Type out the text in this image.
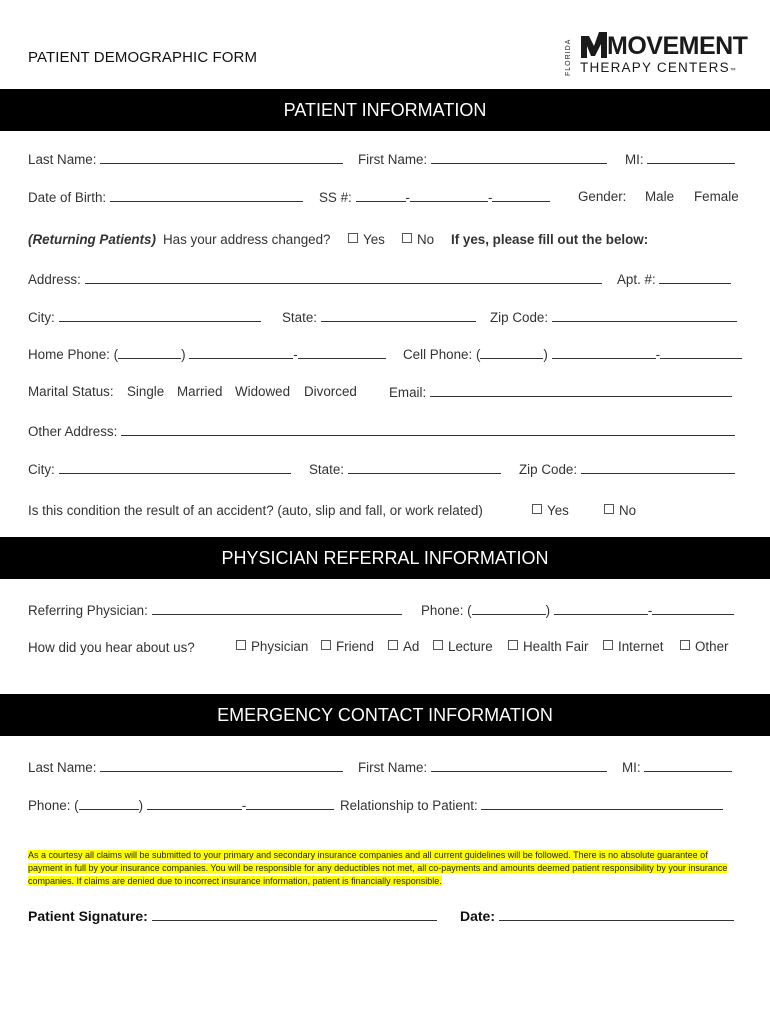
PATIENT DEMOGRAPHIC FORM	FLORIDA MOVEMENT
THERAPY CENTERS™
PATIENT INFORMATION
Last Name:	First Name:	MI:
Date of Birth:	SS #:	-	-	Gender: Male Female
(Returning Patients) Has your address changed?	Yes	No If yes, please fill out the below:
Address:	Apt. #:
City:	State:	Zip Code:
Home Phone: (	)	-	Cell Phone: (	)	-
Marital Status: Single Married Widowed Divorced Email:
Other Address:
City:	State:	Zip Code:
Is this condition the result of an accident? (auto, slip and fall, or work related)	Yes	No
PHYSICIAN REFERRAL INFORMATION
Referring Physician:	Phone: (	)	-
How did you hear about us?	Physician	Friend	Ad	Lecture	Health Fair	Internet	Other
EMERGENCY CONTACT INFORMATION
Last Name:	First Name:	MI:
Phone: (	)	-	Relationship to Patient:
As a courtesy all claims will be submitted to your primary and secondary insurance companies and all current guidelines will be followed. There is no absolute guarantee of payment in full by your insurance companies. You will be responsible for any deductibles not met, all co-payments and amounts deemed patient responsibility by your insurance companies. If claims are denied due to incorrect insurance information, patient is financially responsible.
Patient Signature:	Date:
